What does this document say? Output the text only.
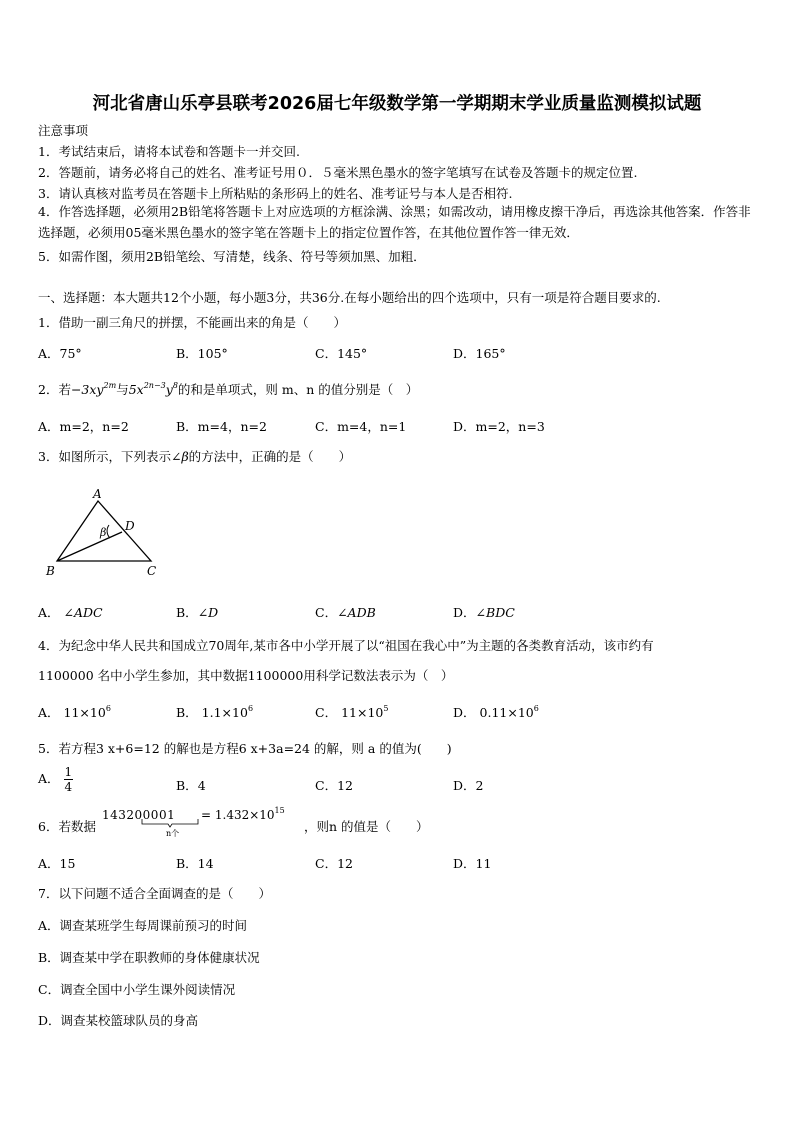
河北省唐山乐亭县联考2026届七年级数学第一学期期末学业质量监测模拟试题
注意事项
1．考试结束后，请将本试卷和答题卡一并交回.
2．答题前，请务必将自己的姓名、准考证号用０．５毫米黑色墨水的签字笔填写在试卷及答题卡的规定位置.
3．请认真核对监考员在答题卡上所粘贴的条形码上的姓名、准考证号与本人是否相符.
4．作答选择题，必须用2B铅笔将答题卡上对应选项的方框涂满、涂黑；如需改动，请用橡皮擦干净后，再选涂其他答案．作答非选择题，必须用05毫米黑色墨水的签字笔在答题卡上的指定位置作答，在其他位置作答一律无效．
5．如需作图，须用2B铅笔绘、写清楚，线条、符号等须加黑、加粗．
一、选择题：本大题共12个小题，每小题3分，共36分.在每小题给出的四个选项中，只有一项是符合题目要求的.
1．借助一副三角尺的拼摆，不能画出来的角是（　　）
A．75°	B．105°	C．145°	D．165°
2．若$-3xy^{2m}$与$5x^{2n-3}y^8$的和是单项式，则 m、n 的值分别是（　）
A．m=2，n=2	B．m=4，n=2	C．m=4，n=1	D．m=2，n=3
3．如图所示，下列表示∠β的方法中，正确的是（　　）
A
D
β
B	C
A． ∠ADC	B．∠D	C．∠ADB	D．∠BDC
4．为纪念中华人民共和国成立70周年,某市各中小学开展了以“祖国在我心中”为主题的各类教育活动，该市约有
1100000 名中小学生参加，其中数据1100000用科学记数法表示为（　）
A． $11\times 10^6$	B． $1.1\times 10^6$	C． $11\times 10^5$	D． $0.11\times 10^6$
5．若方程3 x+6=12 的解也是方程6 x+3a=24 的解，则 a 的值为(　　)
A． $\frac{1}{4}$	B．4	C．12	D．2
6．若数据
$143200001 = 1.432\times 10^{15}$
n个	，则n 的值是（　　）
A．15	B．14	C．12	D．11
7．以下问题不适合全面调查的是（　　）
A．调查某班学生每周课前预习的时间
B．调查某中学在职教师的身体健康状况
C．调查全国中小学生课外阅读情况
D．调查某校篮球队员的身高
